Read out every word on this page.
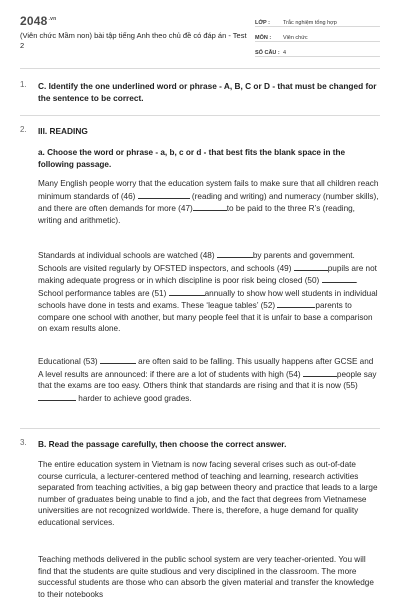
$2048^{.vn}$
(Viên chức Mầm non) bài tập tiếng Anh theo chủ đề có đáp án - Test 2
LỚP :	Trắc nghiệm tổng hợp
MÔN :	Viên chức
SỐ CÂU : 4
1. C. Identify the one underlined word or phrase - A, B, C or D - that must be changed for the sentence to be correct.
2. III. READING
a. Choose the word or phrase - a, b, c or d - that best fits the blank space in the following passage.
Many English people worry that the education system fails to make sure that all children reach minimum standards of (46)	(reading and writing) and numeracy (number skills), and there are often demands for more (47)	to be paid to the three R’s (reading, writing and arithmetic).
Standards at individual schools are watched (48)	by parents and government. Schools are visited regularly by OFSTED inspectors, and schools (49)	pupils are not making adequate progress or in which discipline is poor risk being closed (50)	. School performance tables are (51)	annually to show how well students in individual schools have done in tests and exams. These ‘league tables’ (52)	parents to compare one school with another, but many people feel that it is unfair to base a comparison on exam results alone.
Educational (53)	are often said to be falling. This usually happens after GCSE and A level results are announced: if there are a lot of students with high (54)	people say that the exams are too easy. Others think that standards are rising and that it is now (55)  harder to achieve good grades.
3. B. Read the passage carefully, then choose the correct answer.
The entire education system in Vietnam is now facing several crises such as out-of-date course curricula, a lecturer-centered method of teaching and learning, research activities separated from teaching activities, a big gap between theory and practice that leads to a large number of graduates being unable to find a job, and the fact that degrees from Vietnamese universities are not recognized worldwide. There is, therefore, a huge demand for quality educational services.
Teaching methods delivered in the public school system are very teacher-oriented. You will find that the students are quite studious and very disciplined in the classroom. The more successful students are those who can absorb the given material and transfer the knowledge to their notebooks
